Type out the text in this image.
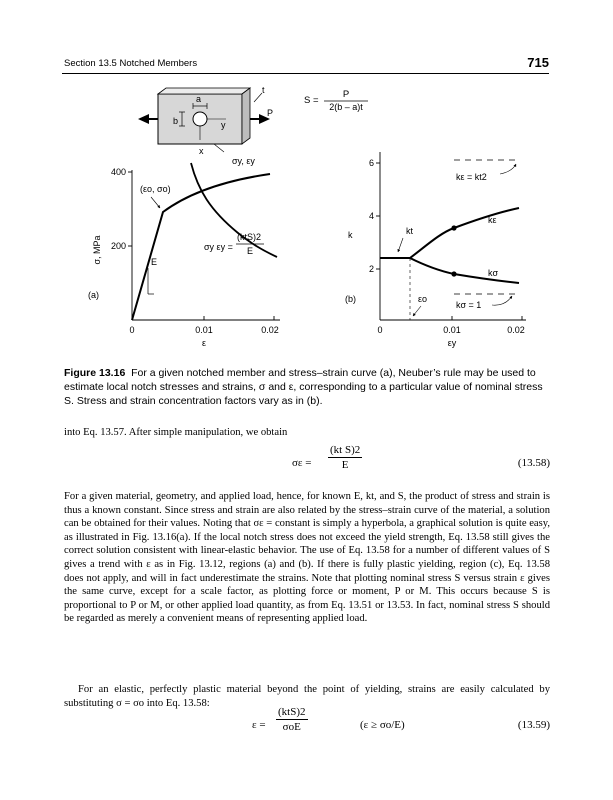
Section 13.5 Notched Members	715
a
b	y
x
t
P
σy, εy
S =
P
2(b – a)t
400
200
0	0.01	0.02
ε
σ, MPa
(a)
E
(εo, σo)
σy εy =
(ktS)2
E
6
4
2
0	0.01	0.02
εy
k
(b)
kε = kt2
kε
kσ
kt
εo
kσ = 1
Figure 13.16 For a given notched member and stress–strain curve (a), Neuber’s rule may be used to estimate local notch stresses and strains, σ and ε, corresponding to a particular value of nominal stress S. Stress and strain concentration factors vary as in (b).
into Eq. 13.57. After simple manipulation, we obtain
$\sigma\varepsilon = \frac{\text{(kt S)2}}{E}$	(13.58)
For a given material, geometry, and applied load, hence, for known E, kt, and S, the product of stress and strain is thus a known constant. Since stress and strain are also related by the stress–strain curve of the material, a solution can be obtained for their values. Noting that σε = constant is simply a hyperbola, a graphical solution is quite easy, as illustrated in Fig. 13.16(a). If the local notch stress does not exceed the yield strength, Eq. 13.58 still gives the correct solution consistent with linear-elastic behavior. The use of Eq. 13.58 for a number of different values of S gives a trend with ε as in Fig. 13.12, regions (a) and (b). If there is fully plastic yielding, region (c), Eq. 13.58 does not apply, and will in fact underestimate the strains. Note that plotting nominal stress S versus strain ε gives the same curve, except for a scale factor, as plotting force or moment, P or M. This occurs because S is proportional to P or M, or other applied load quantity, as from Eq. 13.51 or 13.53. In fact, nominal stress S should be regarded as merely a convenient means of representing applied load.
For an elastic, perfectly plastic material beyond the point of yielding, strains are easily calculated by substituting σ = σo into Eq. 13.58:
ε =
(ktS)2
σoE	(ε ≥ σo/E)	(13.59)
